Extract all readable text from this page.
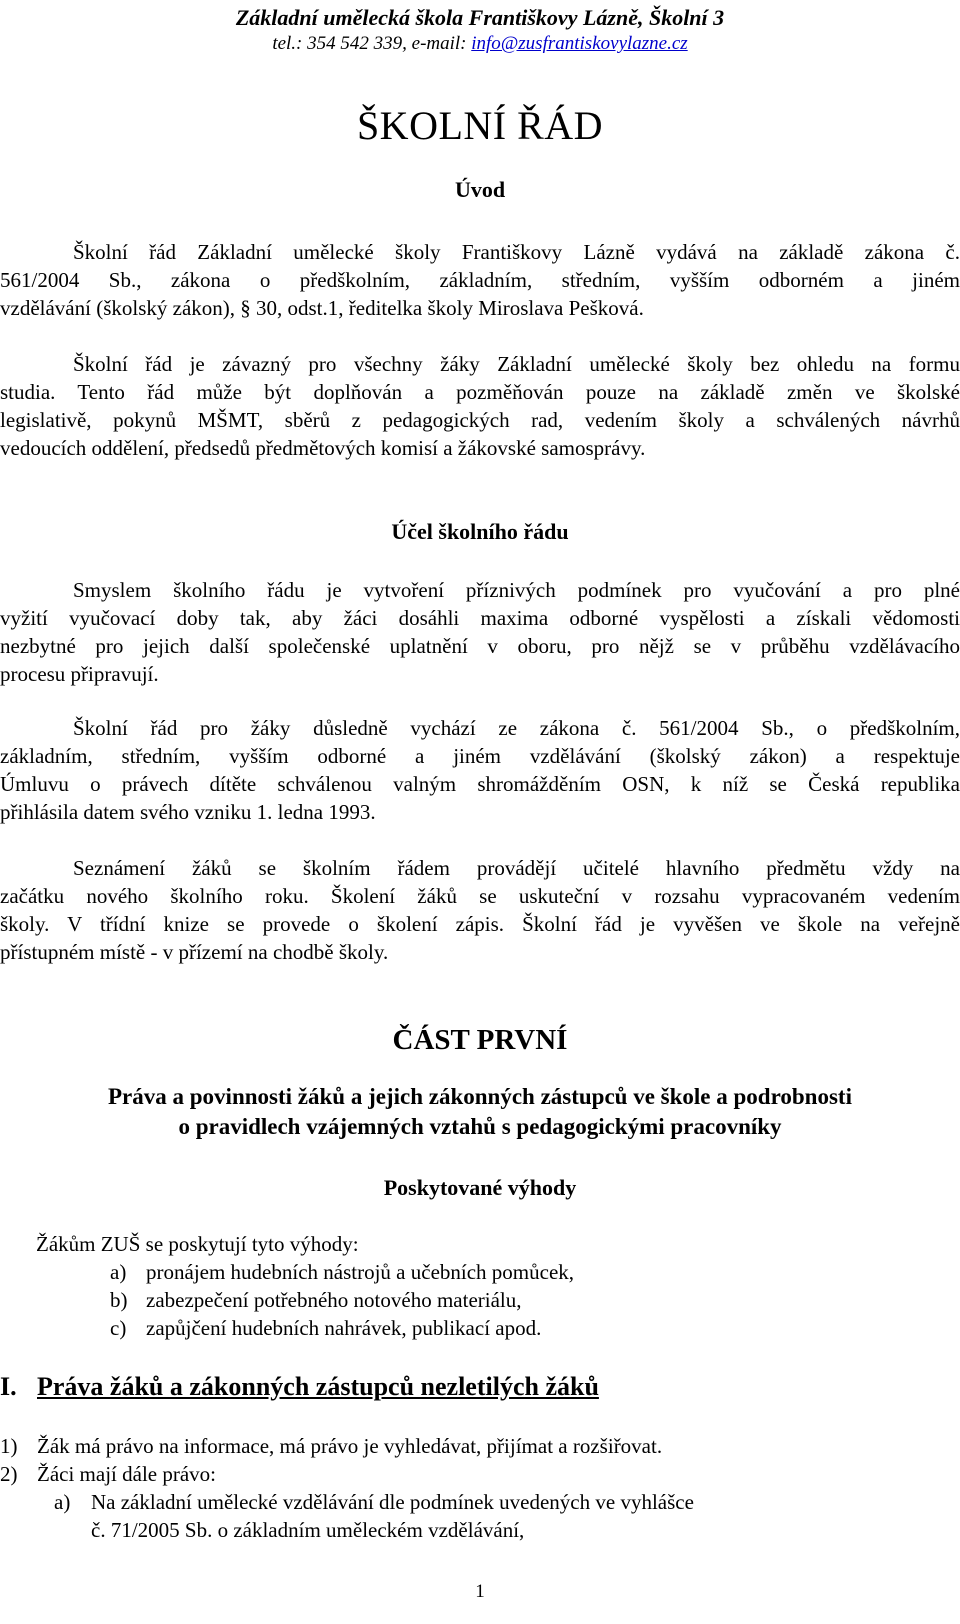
Základní umělecká škola Františkovy Lázně, Školní 3
tel.: 354 542 339, e-mail: info@zusfrantiskovylazne.cz
ŠKOLNÍ ŘÁD
Úvod
Školní řád Základní umělecké školy Františkovy Lázně vydává na základě zákona č.
561/2004 Sb., zákona o předškolním, základním, středním, vyšším odborném a jiném
vzdělávání (školský zákon), § 30, odst.1, ředitelka školy Miroslava Pešková.
Školní řád je závazný pro všechny žáky Základní umělecké školy bez ohledu na formu
studia. Tento řád může být doplňován a pozměňován pouze na základě změn ve školské
legislativě, pokynů MŠMT, sběrů z pedagogických rad, vedením školy a schválených návrhů
vedoucích oddělení, předsedů předmětových komisí a žákovské samosprávy.
Účel školního řádu
Smyslem školního řádu je vytvoření příznivých podmínek pro vyučování a pro plné
vyžití vyučovací doby tak, aby žáci dosáhli maxima odborné vyspělosti a získali vědomosti
nezbytné pro jejich další společenské uplatnění v oboru, pro nějž se v průběhu vzdělávacího
procesu připravují.
Školní řád pro žáky důsledně vychází ze zákona č. 561/2004 Sb., o předškolním,
základním, středním, vyšším odborné a jiném vzdělávání (školský zákon) a respektuje
Úmluvu o právech dítěte schválenou valným shromážděním OSN, k níž se Česká republika
přihlásila datem svého vzniku 1. ledna 1993.
Seznámení žáků se školním řádem provádějí učitelé hlavního předmětu vždy na
začátku nového školního roku. Školení žáků se uskuteční v rozsahu vypracovaném vedením
školy. V třídní knize se provede o školení zápis. Školní řád je vyvěšen ve škole na veřejně
přístupném místě - v přízemí na chodbě školy.
ČÁST PRVNÍ
Práva a povinnosti žáků a jejich zákonných zástupců ve škole a podrobnosti
o pravidlech vzájemných vztahů s pedagogickými pracovníky
Poskytované výhody
Žákům ZUŠ se poskytují tyto výhody:
a) pronájem hudebních nástrojů a učebních pomůcek,
b) zabezpečení potřebného notového materiálu,
c) zapůjčení hudebních nahrávek, publikací apod.
I. Práva žáků a zákonných zástupců nezletilých žáků
1) Žák má právo na informace, má právo je vyhledávat, přijímat a rozšiřovat.
2) Žáci mají dále právo:
a) Na základní umělecké vzdělávání dle podmínek uvedených ve vyhlášce
č. 71/2005 Sb. o základním uměleckém vzdělávání,
1
